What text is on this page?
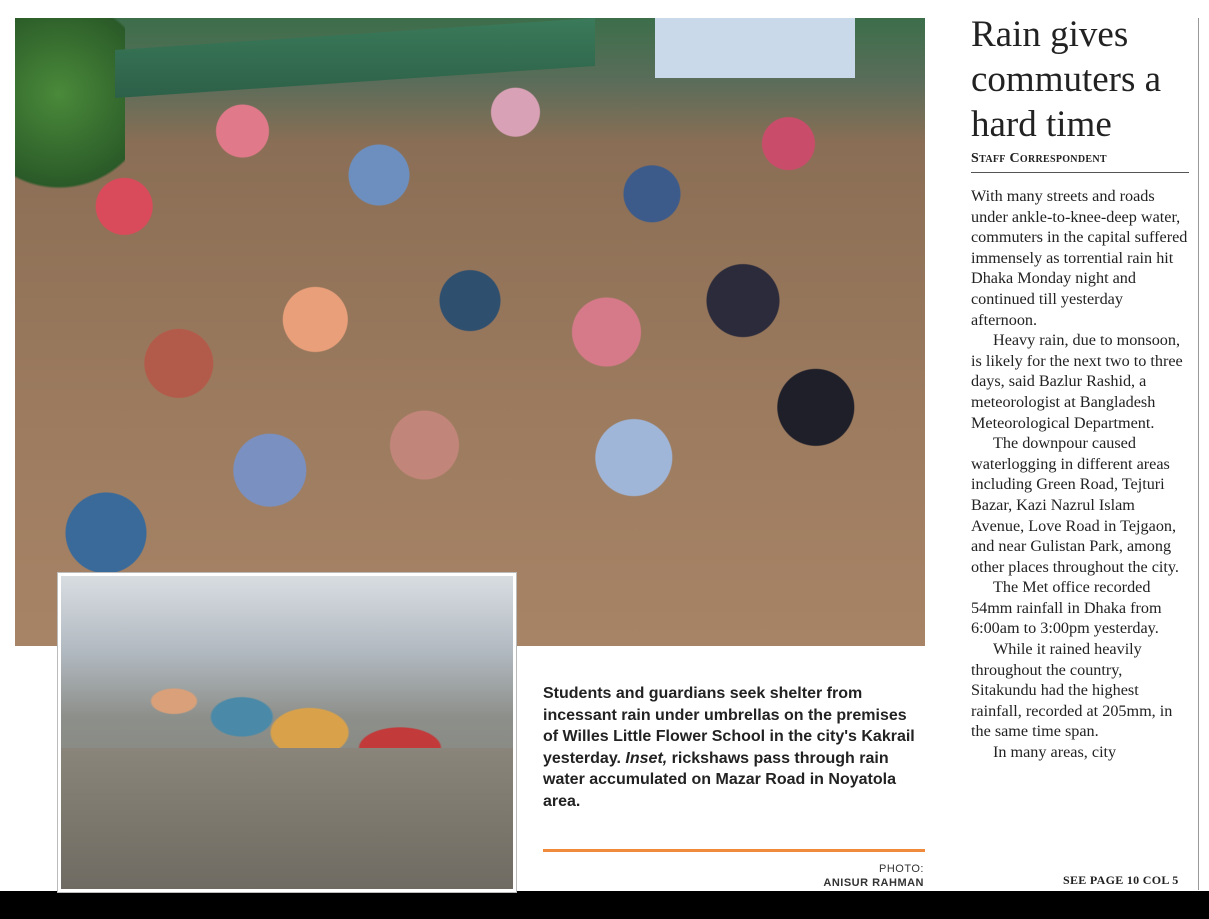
Students and guardians seek shelter from incessant rain under umbrellas on the premises of Willes Little Flower School in the city's Kakrail yesterday. Inset, rickshaws pass through rain water accumulated on Mazar Road in Noyatola area.
PHOTO:
ANISUR RAHMAN
Rain gives commuters a hard time
Staff Correspondent

With many streets and roads under ankle-to-knee-deep water, commuters in the capital suffered immensely as torrential rain hit Dhaka Monday night and continued till yesterday afternoon.

Heavy rain, due to monsoon, is likely for the next two to three days, said Bazlur Rashid, a meteorologist at Bangladesh Meteorological Department.

The downpour caused waterlogging in different areas including Green Road, Tejturi Bazar, Kazi Nazrul Islam Avenue, Love Road in Tejgaon, and near Gulistan Park, among other places throughout the city.

The Met office recorded 54mm rainfall in Dhaka from 6:00am to 3:00pm yesterday.

While it rained heavily throughout the country, Sitakundu had the highest rainfall, recorded at 205mm, in the same time span.

In many areas, city

SEE PAGE 10 COL 5
